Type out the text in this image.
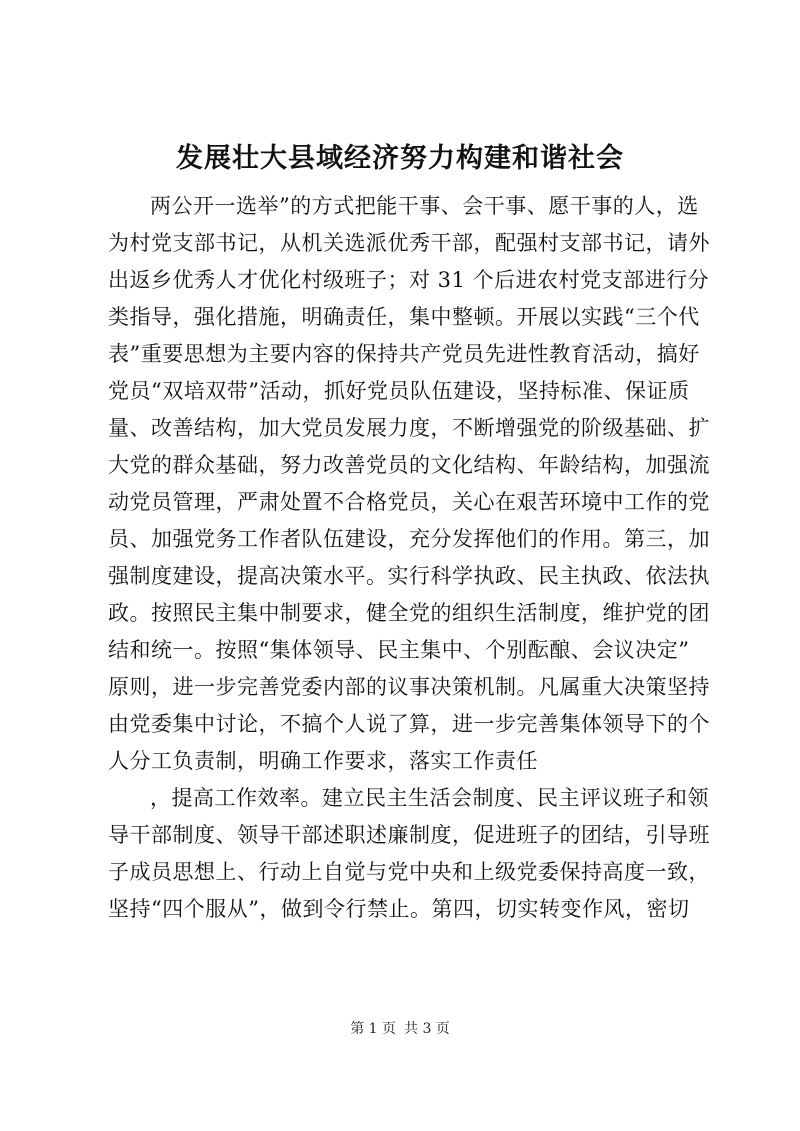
发展壮大县域经济努力构建和谐社会
两公开一选举”的方式把能干事、会干事、愿干事的人，选
为村党支部书记，从机关选派优秀干部，配强村支部书记，请外
出返乡优秀人才优化村级班子；对 31 个后进农村党支部进行分
类指导，强化措施，明确责任，集中整顿。开展以实践“三个代
表”重要思想为主要内容的保持共产党员先进性教育活动，搞好
党员“双培双带”活动，抓好党员队伍建设，坚持标准、保证质
量、改善结构，加大党员发展力度，不断增强党的阶级基础、扩
大党的群众基础，努力改善党员的文化结构、年龄结构，加强流
动党员管理，严肃处置不合格党员，关心在艰苦环境中工作的党
员、加强党务工作者队伍建设，充分发挥他们的作用。第三，加
强制度建设，提高决策水平。实行科学执政、民主执政、依法执
政。按照民主集中制要求，健全党的组织生活制度，维护党的团
结和统一。按照“集体领导、民主集中、个别酝酿、会议决定”
原则，进一步完善党委内部的议事决策机制。凡属重大决策坚持
由党委集中讨论，不搞个人说了算，进一步完善集体领导下的个
人分工负责制，明确工作要求，落实工作责任
，提高工作效率。建立民主生活会制度、民主评议班子和领
导干部制度、领导干部述职述廉制度，促进班子的团结，引导班
子成员思想上、行动上自觉与党中央和上级党委保持高度一致，
坚持“四个服从”，做到令行禁止。第四，切实转变作风，密切
第 1 页 共 3 页
